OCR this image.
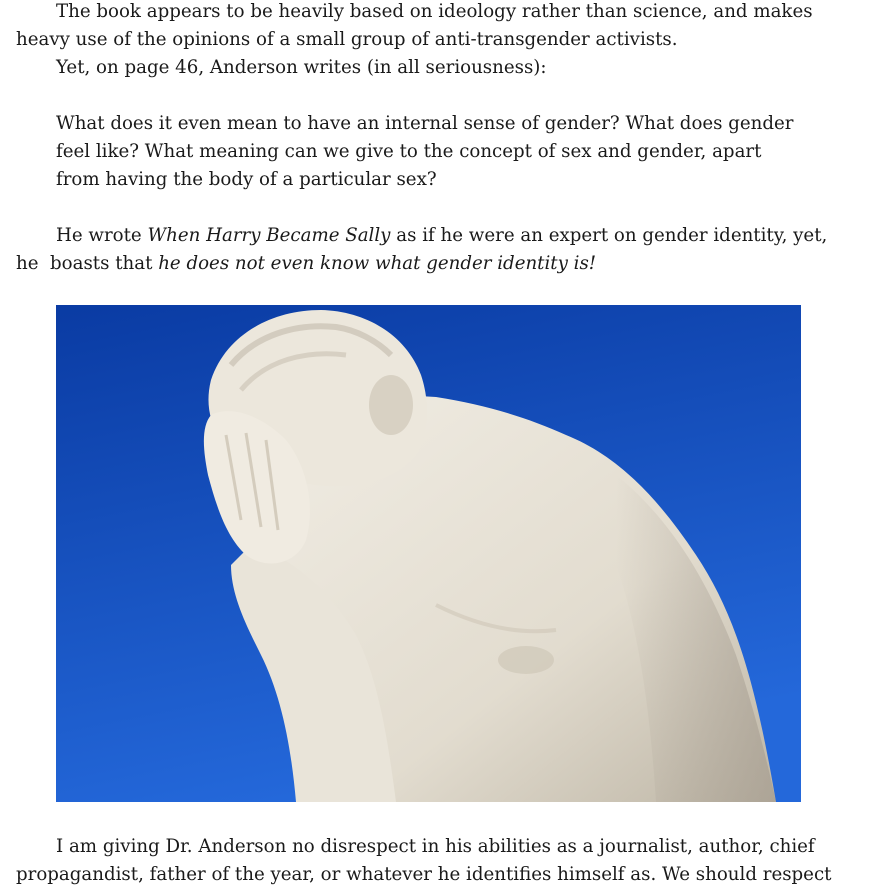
The book appears to be heavily based on ideology rather than science, and makes
heavy use of the opinions of a small group of anti-transgender activists.
Yet, on page 46, Anderson writes (in all seriousness):
What does it even mean to have an internal sense of gender? What does gender
feel like? What meaning can we give to the concept of sex and gender, apart
from having the body of a particular sex?
He wrote When Harry Became Sally as if he were an expert on gender identity, yet,
he  boasts that he does not even know what gender identity is!
I am giving Dr. Anderson no disrespect in his abilities as a journalist, author, chief
propagandist, father of the year, or whatever he identifies himself as. We should respect
